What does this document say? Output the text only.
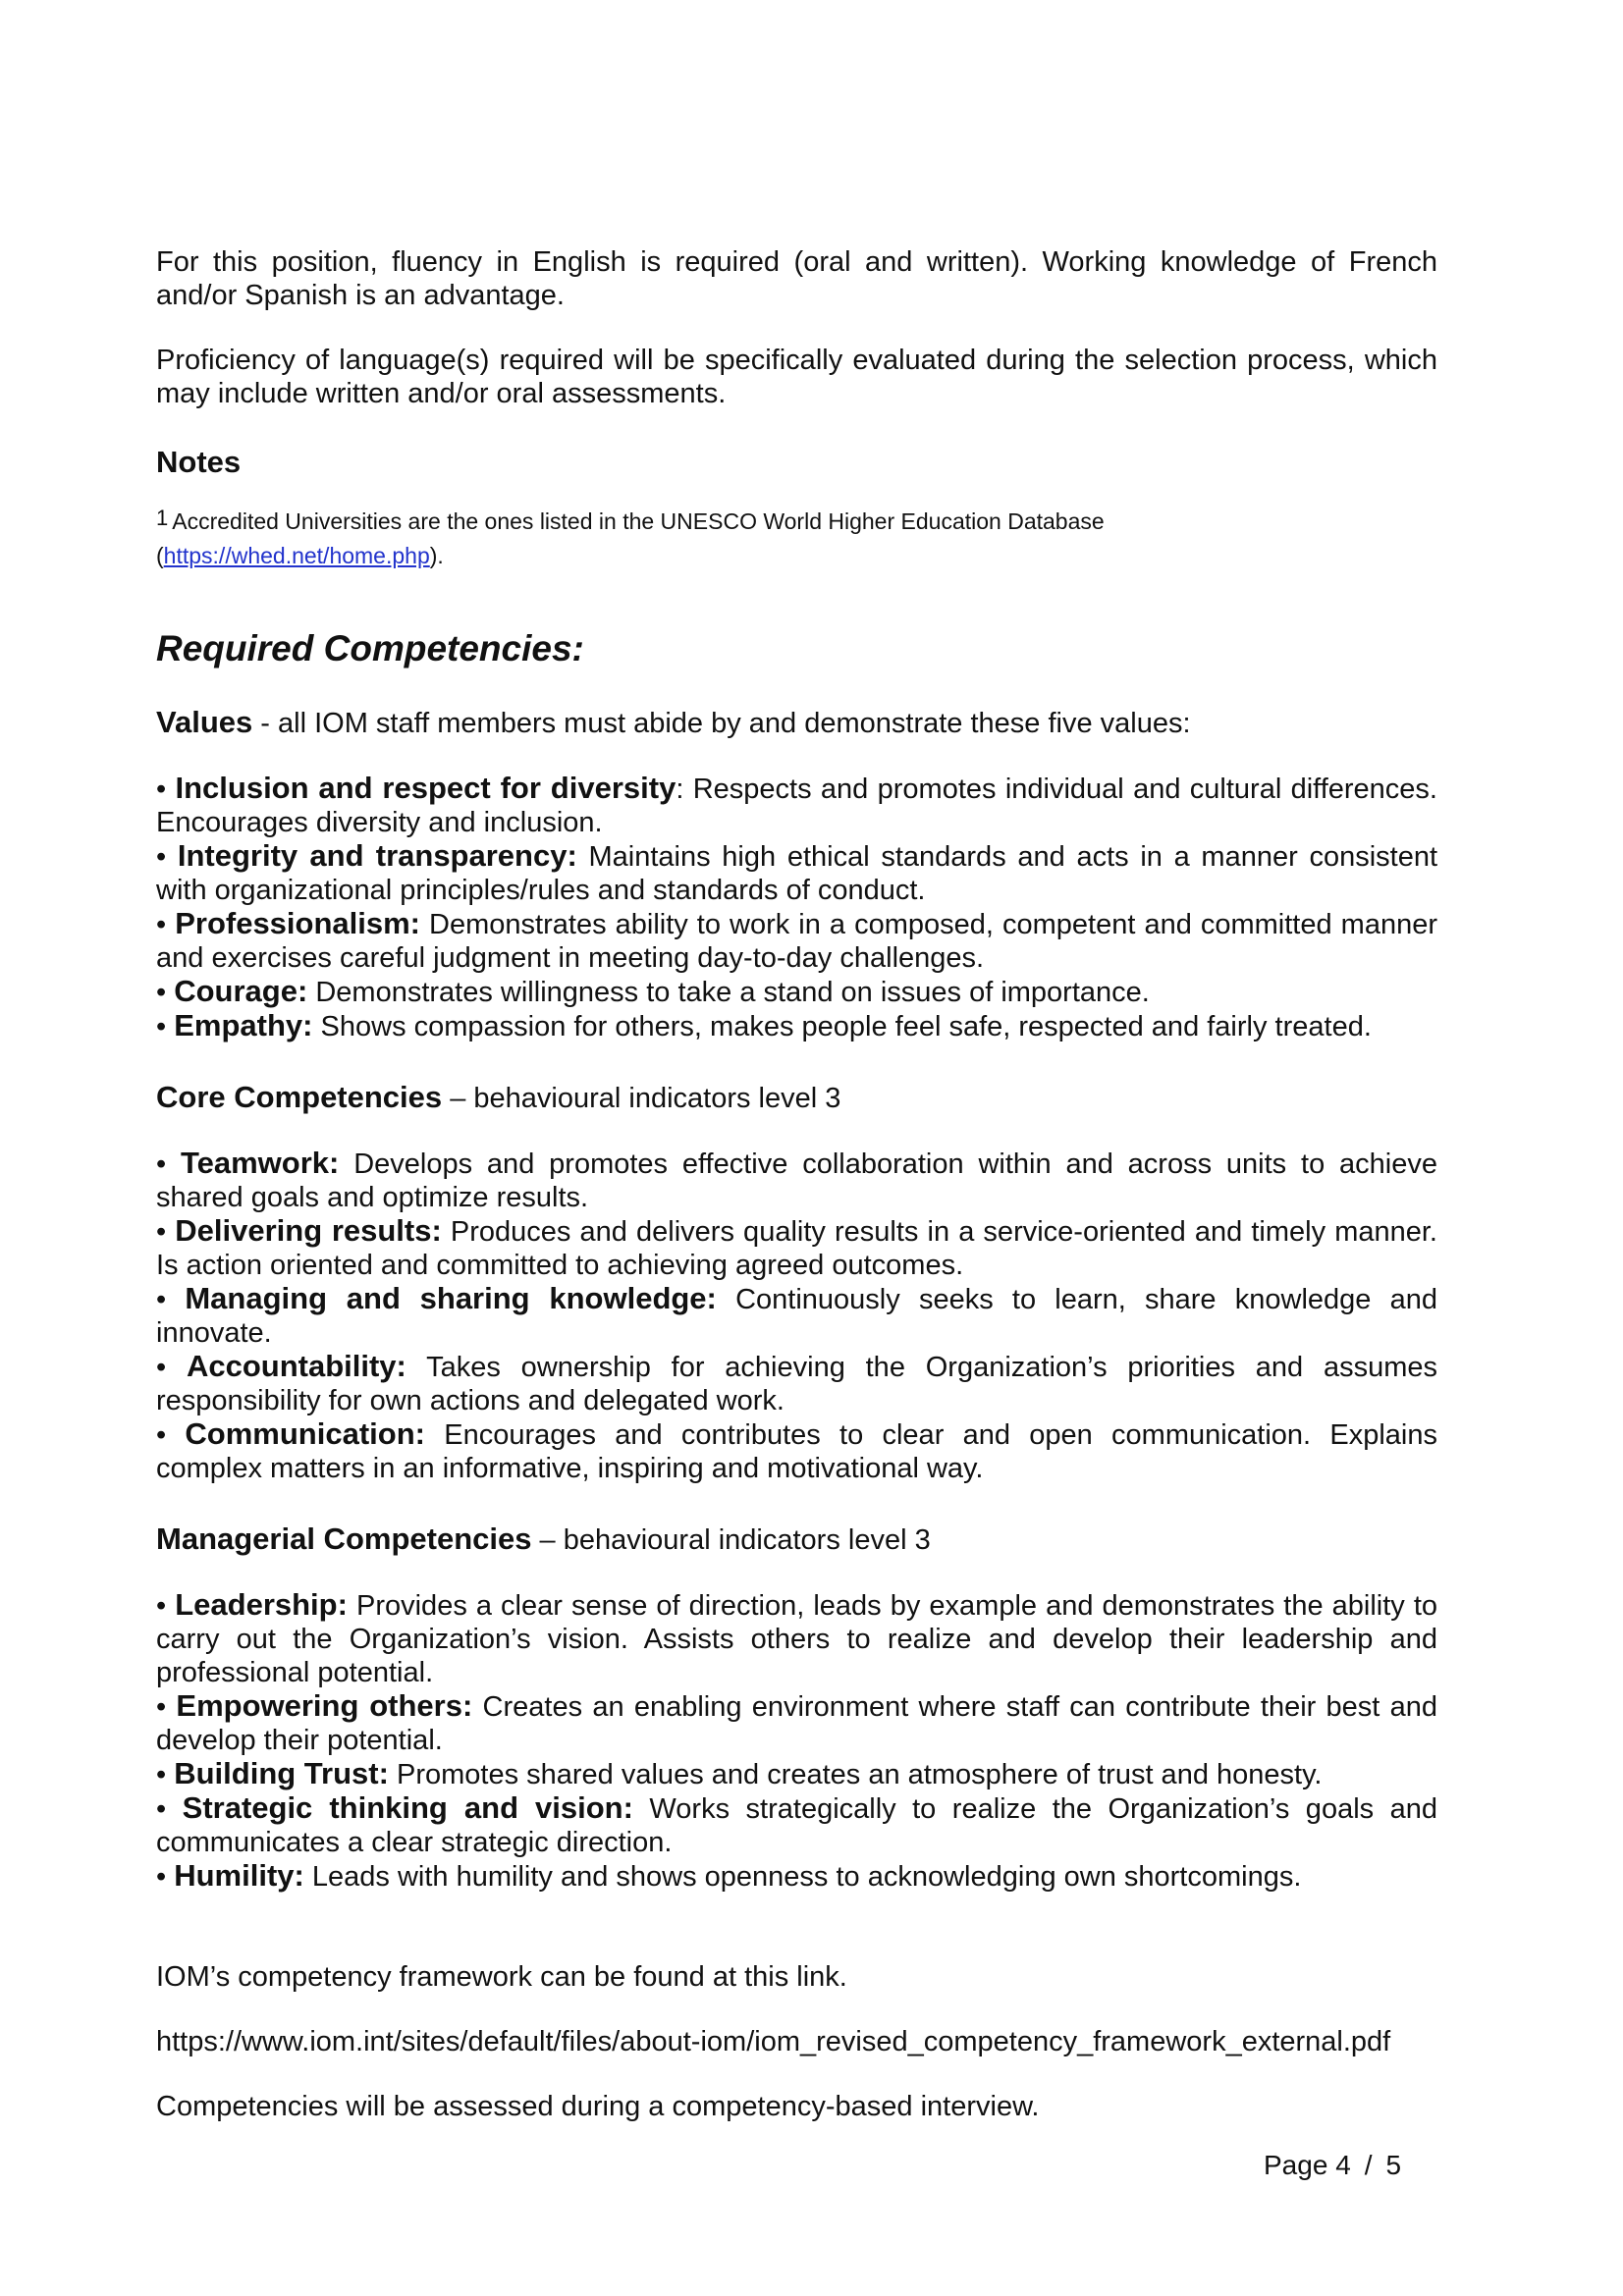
For this position, fluency in English is required (oral and written). Working knowledge of French and/or Spanish is an advantage.

Proficiency of language(s) required will be specifically evaluated during the selection process, which may include written and/or oral assessments.

Notes

$^1$ Accredited Universities are the ones listed in the UNESCO World Higher Education Database
(https://whed.net/home.php).

Required Competencies:

Values - all IOM staff members must abide by and demonstrate these five values:

• Inclusion and respect for diversity: Respects and promotes individual and cultural differences. Encourages diversity and inclusion.

• Integrity and transparency: Maintains high ethical standards and acts in a manner consistent with organizational principles/rules and standards of conduct.

• Professionalism: Demonstrates ability to work in a composed, competent and committed manner and exercises careful judgment in meeting day-to-day challenges.

• Courage: Demonstrates willingness to take a stand on issues of importance.

• Empathy: Shows compassion for others, makes people feel safe, respected and fairly treated.

Core Competencies – behavioural indicators level 3

• Teamwork: Develops and promotes effective collaboration within and across units to achieve shared goals and optimize results.

• Delivering results: Produces and delivers quality results in a service-oriented and timely manner. Is action oriented and committed to achieving agreed outcomes.

• Managing and sharing knowledge: Continuously seeks to learn, share knowledge and innovate.

• Accountability: Takes ownership for achieving the Organization’s priorities and assumes responsibility for own actions and delegated work.

• Communication: Encourages and contributes to clear and open communication. Explains complex matters in an informative, inspiring and motivational way.

Managerial Competencies – behavioural indicators level 3

• Leadership: Provides a clear sense of direction, leads by example and demonstrates the ability to carry out the Organization’s vision. Assists others to realize and develop their leadership and professional potential.

• Empowering others: Creates an enabling environment where staff can contribute their best and develop their potential.

• Building Trust: Promotes shared values and creates an atmosphere of trust and honesty.

• Strategic thinking and vision: Works strategically to realize the Organization’s goals and communicates a clear strategic direction.

• Humility: Leads with humility and shows openness to acknowledging own shortcomings.

IOM’s competency framework can be found at this link.

https://www.iom.int/sites/default/files/about-iom/iom_revised_competency_framework_external.pdf

Competencies will be assessed during a competency-based interview.

Page 4 / 5
